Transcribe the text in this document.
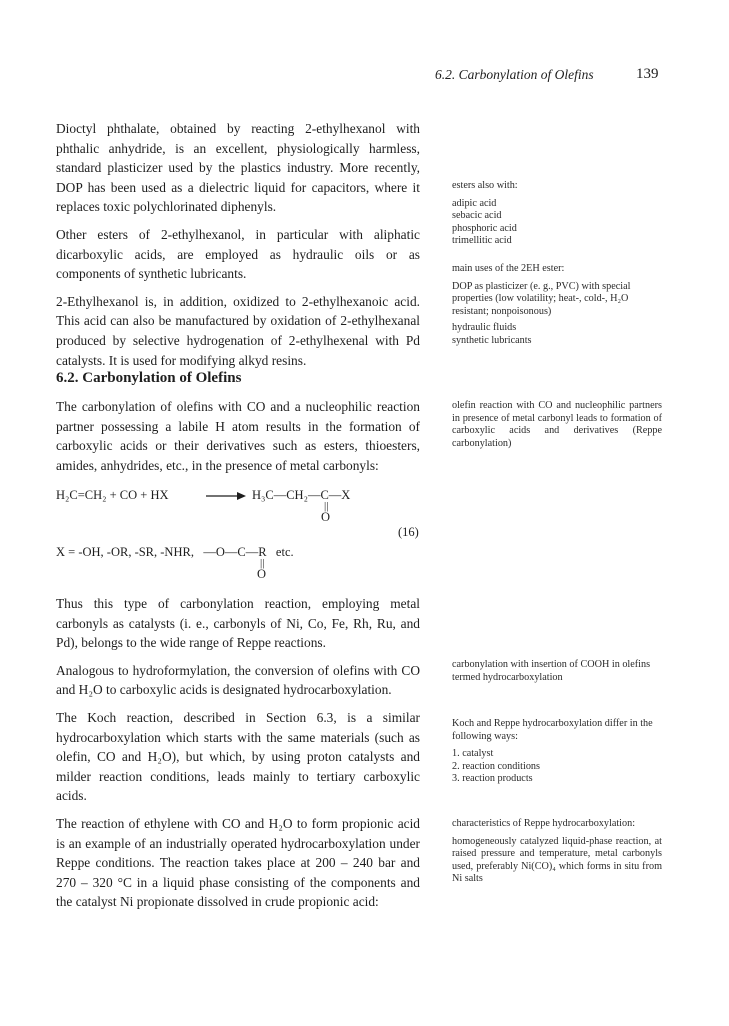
6.2. Carbonylation of Olefins	139

Dioctyl phthalate, obtained by reacting 2-ethylhexanol with phthalic anhydride, is an excellent, physiologically harmless, standard plasticizer used by the plastics industry. More recently, DOP has been used as a dielectric liquid for capacitors, where it replaces toxic polychlorinated diphenyls.

Other esters of 2-ethylhexanol, in particular with aliphatic dicarboxylic acids, are employed as hydraulic oils or as components of synthetic lubricants.

2-Ethylhexanol is, in addition, oxidized to 2-ethylhexanoic acid. This acid can also be manufactured by oxidation of 2-ethylhexanal produced by selective hydrogenation of 2-ethylhexenal with Pd catalysts. It is used for modifying alkyd resins.

6.2. Carbonylation of Olefins
The carbonylation of olefins with CO and a nucleophilic reaction partner possessing a labile H atom results in the formation of carboxylic acids or their derivatives such as esters, thioesters, amides, anhydrides, etc., in the presence of metal carbonyls:
H₂C=CH₂ + CO + HX → H₃C—CH₂—C—X
||
O
(16)
X = -OH, -OR, -SR, -NHR, —O—C—R etc.
||
O

Thus this type of carbonylation reaction, employing metal carbonyls as catalysts (i. e., carbonyls of Ni, Co, Fe, Rh, Ru, and Pd), belongs to the wide range of Reppe reactions.

Analogous to hydroformylation, the conversion of olefins with CO and H₂O to carboxylic acids is designated hydrocarboxylation.

The Koch reaction, described in Section 6.3, is a similar hydrocarboxylation which starts with the same materials (such as olefin, CO and H₂O), but which, by using proton catalysts and milder reaction conditions, leads mainly to tertiary carboxylic acids.

The reaction of ethylene with CO and H₂O to form propionic acid is an example of an industrially operated hydrocarboxylation under Reppe conditions. The reaction takes place at 200 – 240 bar and 270 – 320 °C in a liquid phase consisting of the components and the catalyst Ni propionate dissolved in crude propionic acid:

esters also with:

adipic acid

sebacic acid

phosphoric acid

trimellitic acid

main uses of the 2EH ester:

DOP as plasticizer (e. g., PVC) with special properties (low volatility; heat-, cold-, H₂O resistant; nonpoisonous)

hydraulic fluids

synthetic lubricants

olefin reaction with CO and nucleophilic partners in presence of metal carbonyl leads to formation of carboxylic acids and derivatives (Reppe carbonylation)
carbonylation with insertion of COOH in olefins termed hydrocarboxylation

Koch and Reppe hydrocarboxylation differ in the following ways:

1. catalyst

2. reaction conditions

3. reaction products

characteristics of Reppe hydrocarboxylation:

homogeneously catalyzed liquid-phase reaction, at raised pressure and temperature, metal carbonyls used, preferably Ni(CO)₄ which forms in situ from Ni salts
